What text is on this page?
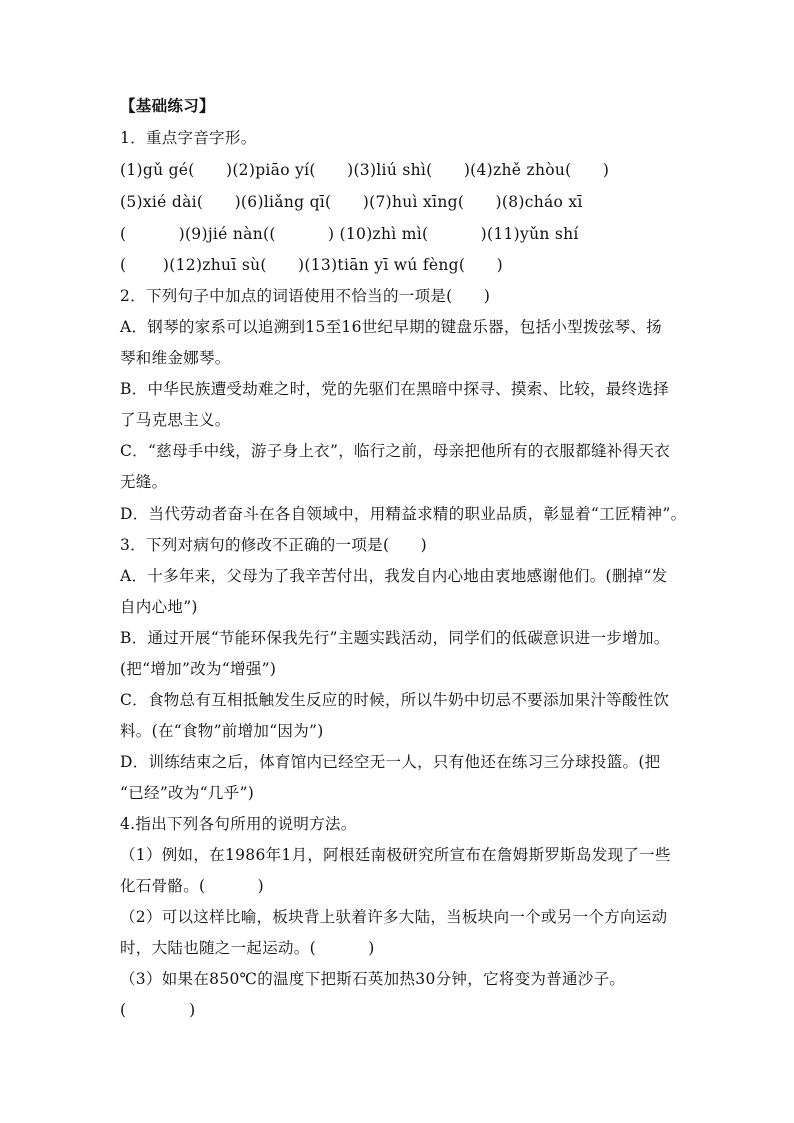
【基础练习】
1．重点字音字形。
(1)gǔ gé(      )(2)piāo yí(      )(3)liú shì(      )(4)zhě zhòu(      )
(5)xié dài(      )(6)liǎng qī(      )(7)huì xīng(      )(8)cháo xī
(          )(9)jié nàn((          ) (10)zhì mì(          )(11)yǔn shí
(       )(12)zhuī sù(      )(13)tiān yī wú fèng(      )
2．下列句子中加点的词语使用不恰当的一项是(      )
A．钢琴的家系可以追溯到15至16世纪早期的键盘乐器，包括小型拨弦琴、扬
琴和维金娜琴。
B．中华民族遭受劫难之时，党的先驱们在黑暗中探寻、摸索、比较，最终选择
了马克思主义。
C．“慈母手中线，游子身上衣”，临行之前，母亲把他所有的衣服都缝补得天衣
无缝。
D．当代劳动者奋斗在各自领域中，用精益求精的职业品质，彰显着“工匠精神”。
3．下列对病句的修改不正确的一项是(      )
A．十多年来，父母为了我辛苦付出，我发自内心地由衷地感谢他们。(删掉“发
自内心地”)
B．通过开展“节能环保我先行”主题实践活动，同学们的低碳意识进一步增加。
(把“增加”改为“增强”)
C．食物总有互相抵触发生反应的时候，所以牛奶中切忌不要添加果汁等酸性饮
料。(在“食物”前增加“因为”)
D．训练结束之后，体育馆内已经空无一人，只有他还在练习三分球投篮。(把
“已经”改为“几乎”)
4.指出下列各句所用的说明方法。
（1）例如，在1986年1月，阿根廷南极研究所宣布在詹姆斯罗斯岛发现了一些
化石骨骼。(          )
（2）可以这样比喻，板块背上驮着许多大陆，当板块向一个或另一个方向运动
时，大陆也随之一起运动。(          )
（3）如果在850℃的温度下把斯石英加热30分钟，它将变为普通沙子。
(            )
